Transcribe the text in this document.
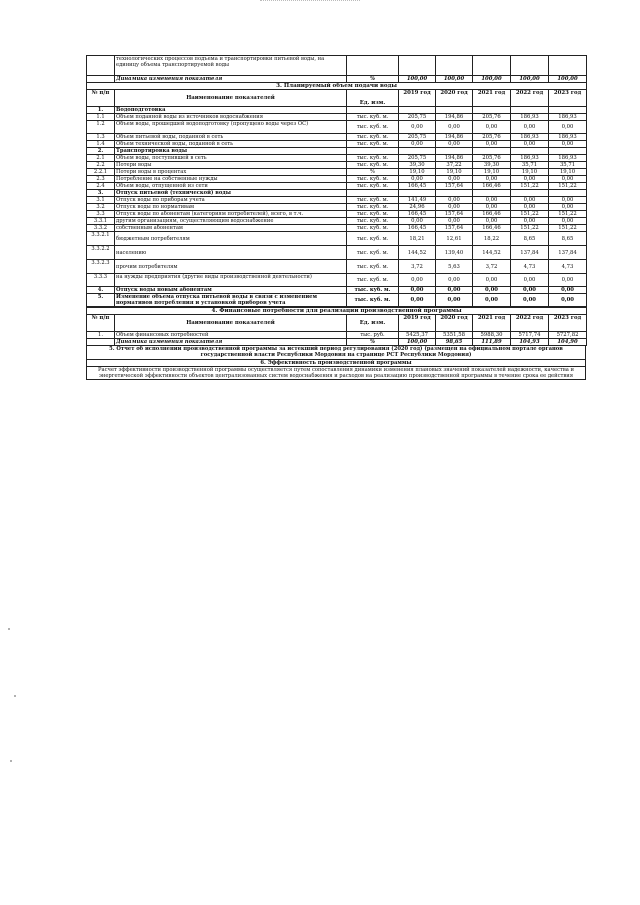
	технологических процессов подъема и транспортировки питьевой воды, на единицу объема транспортируемой воды						
	Динамика изменения показателя	%	100,00	100,00	100,00	100,00	100,00
3. Планируемый объем подачи воды							
№ п/п	Наименование показателей	Ед. изм.	2019 год	2020 год	2021 год	2022 год	2023 год
1.	Водоподготовка						
1.1	Объем поданной воды из источников водоснабжения	тыс. куб. м.	205,75	194,86	205,76	186,93	186,93
1.2	Объем воды, прошедшей водоподготовку (пропущено воды через ОС)	тыс. куб. м.	0,00	0,00	0,00	0,00	0,00
1.3	Объем питьевой воды, поданной в сеть	тыс. куб. м.	205,75	194,86	205,76	186,93	186,93
1.4	Объем технической воды, поданной в сеть	тыс. куб. м.	0,00	0,00	0,00	0,00	0,00
2.	Транспортировка воды						
2.1	Объем воды, поступившей в сеть	тыс. куб. м.	205,75	194,86	205,76	186,93	186,93
2.2	Потери воды	тыс. куб. м.	39,30	37,22	39,30	35,71	35,71
2.2.1	Потери воды в процентах	%	19,10	19,10	19,10	19,10	19,10
2.3	Потребление на собственные нужды	тыс. куб. м.	0,00	0,00	0,00	0,00	0,00
2.4	Объем воды, отпущенной из сети	тыс. куб. м.	166,45	157,64	166,46	151,22	151,22
3.	Отпуск питьевой (технической) воды						
3.1	Отпуск воды по приборам учета	тыс. куб. м.	141,49	0,00	0,00	0,00	0,00
3.2	Отпуск воды по нормативам	тыс. куб. м.	24,96	0,00	0,00	0,00	0,00
3.3	Отпуск воды по абонентам (категориям потребителей), всего, в т.ч.	тыс. куб. м.	166,45	157,64	166,46	151,22	151,22
3.3.1	другим организациям, осуществляющим водоснабжение	тыс. куб. м.	0,00	0,00	0,00	0,00	0,00
3.3.2	собственным абонентам	тыс. куб. м.	166,45	157,64	166,46	151,22	151,22
3.3.2.1	бюджетным потребителям	тыс. куб. м.	18,21	12,61	18,22	8,65	8,65
3.3.2.2	населению	тыс. куб. м.	144,52	139,40	144,52	137,84	137,84
3.3.2.3	прочим потребителям	тыс. куб. м.	3,72	5,63	3,72	4,73	4,73
3.3.3	на нужды предприятия (другие виды производственной деятельности)	тыс. куб. м.	0,00	0,00	0,00	0,00	0,00
4.	Отпуск воды новым абонентам	тыс. куб. м.	0,00	0,00	0,00	0,00	0,00
5.	Изменение объема отпуска питьевой воды в связи с изменением нормативов потребления и установкой приборов учета	тыс. куб. м.	0,00	0,00	0,00	0,00	0,00
4. Финансовые потребности для реализации производственной программы							
№ п/п	Наименование показателей	Ед. изм.	2019 год	2020 год	2021 год	2022 год	2023 год
1.	Объем финансовых потребностей	тыс. руб.	5425,37	5351,58	5988,30	5717,74	5727,82
	Динамика изменения показателя	%	100,00	98,65	111,89	104,93	104,90
5. Отчет об исполнении производственной программы за истекший период регулирования (2020 год) (размещен на официальном портале органов государственной власти Республики Мордовия на странице РСТ Республики Мордовия)
6. Эффективность производственной программы
Расчет эффективности производственной программы осуществляется путем сопоставления динамики изменения плановых значений показателей надежности, качества и энергетической эффективности объектов централизованных систем водоснабжения и расходов на реализацию производственной программы в течение срока ее действия
